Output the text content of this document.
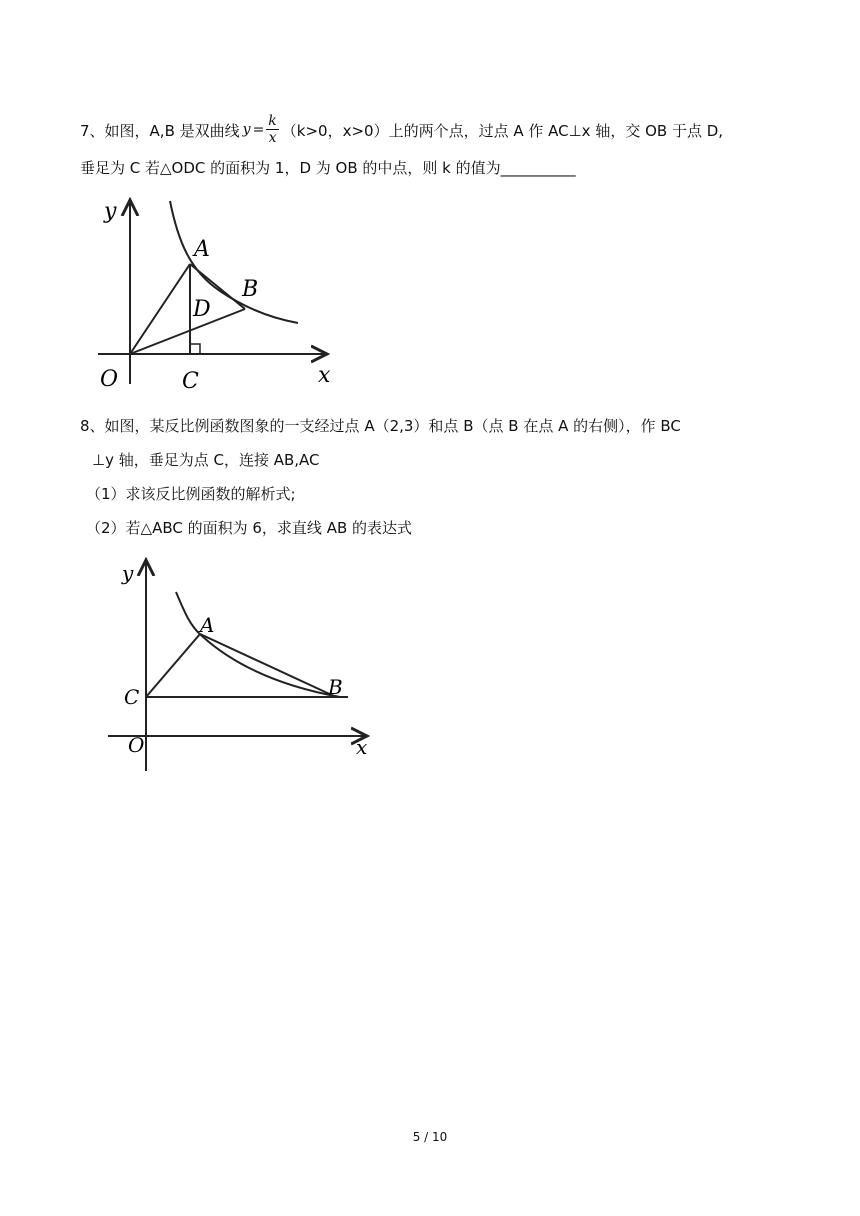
7、如图，A,B 是双曲线 $y = \frac{k}{x} (k>0$，x>0）上的两个点，过点 A 作 AC⊥x 轴，交 OB 于点 D,
垂足为 C 若△ODC 的面积为 1，D 为 OB 的中点，则 k 的值为__________
y
A
B
D
O	C	x
8、如图，某反比例函数图象的一支经过点 A（2,3）和点 B（点 B 在点 A 的右侧），作 BC
⊥y 轴，垂足为点 C，连接 AB,AC
（1）求该反比例函数的解析式;
（2）若△ABC 的面积为 6，求直线 AB 的表达式
y
A
C	B
O	x
5 / 10
